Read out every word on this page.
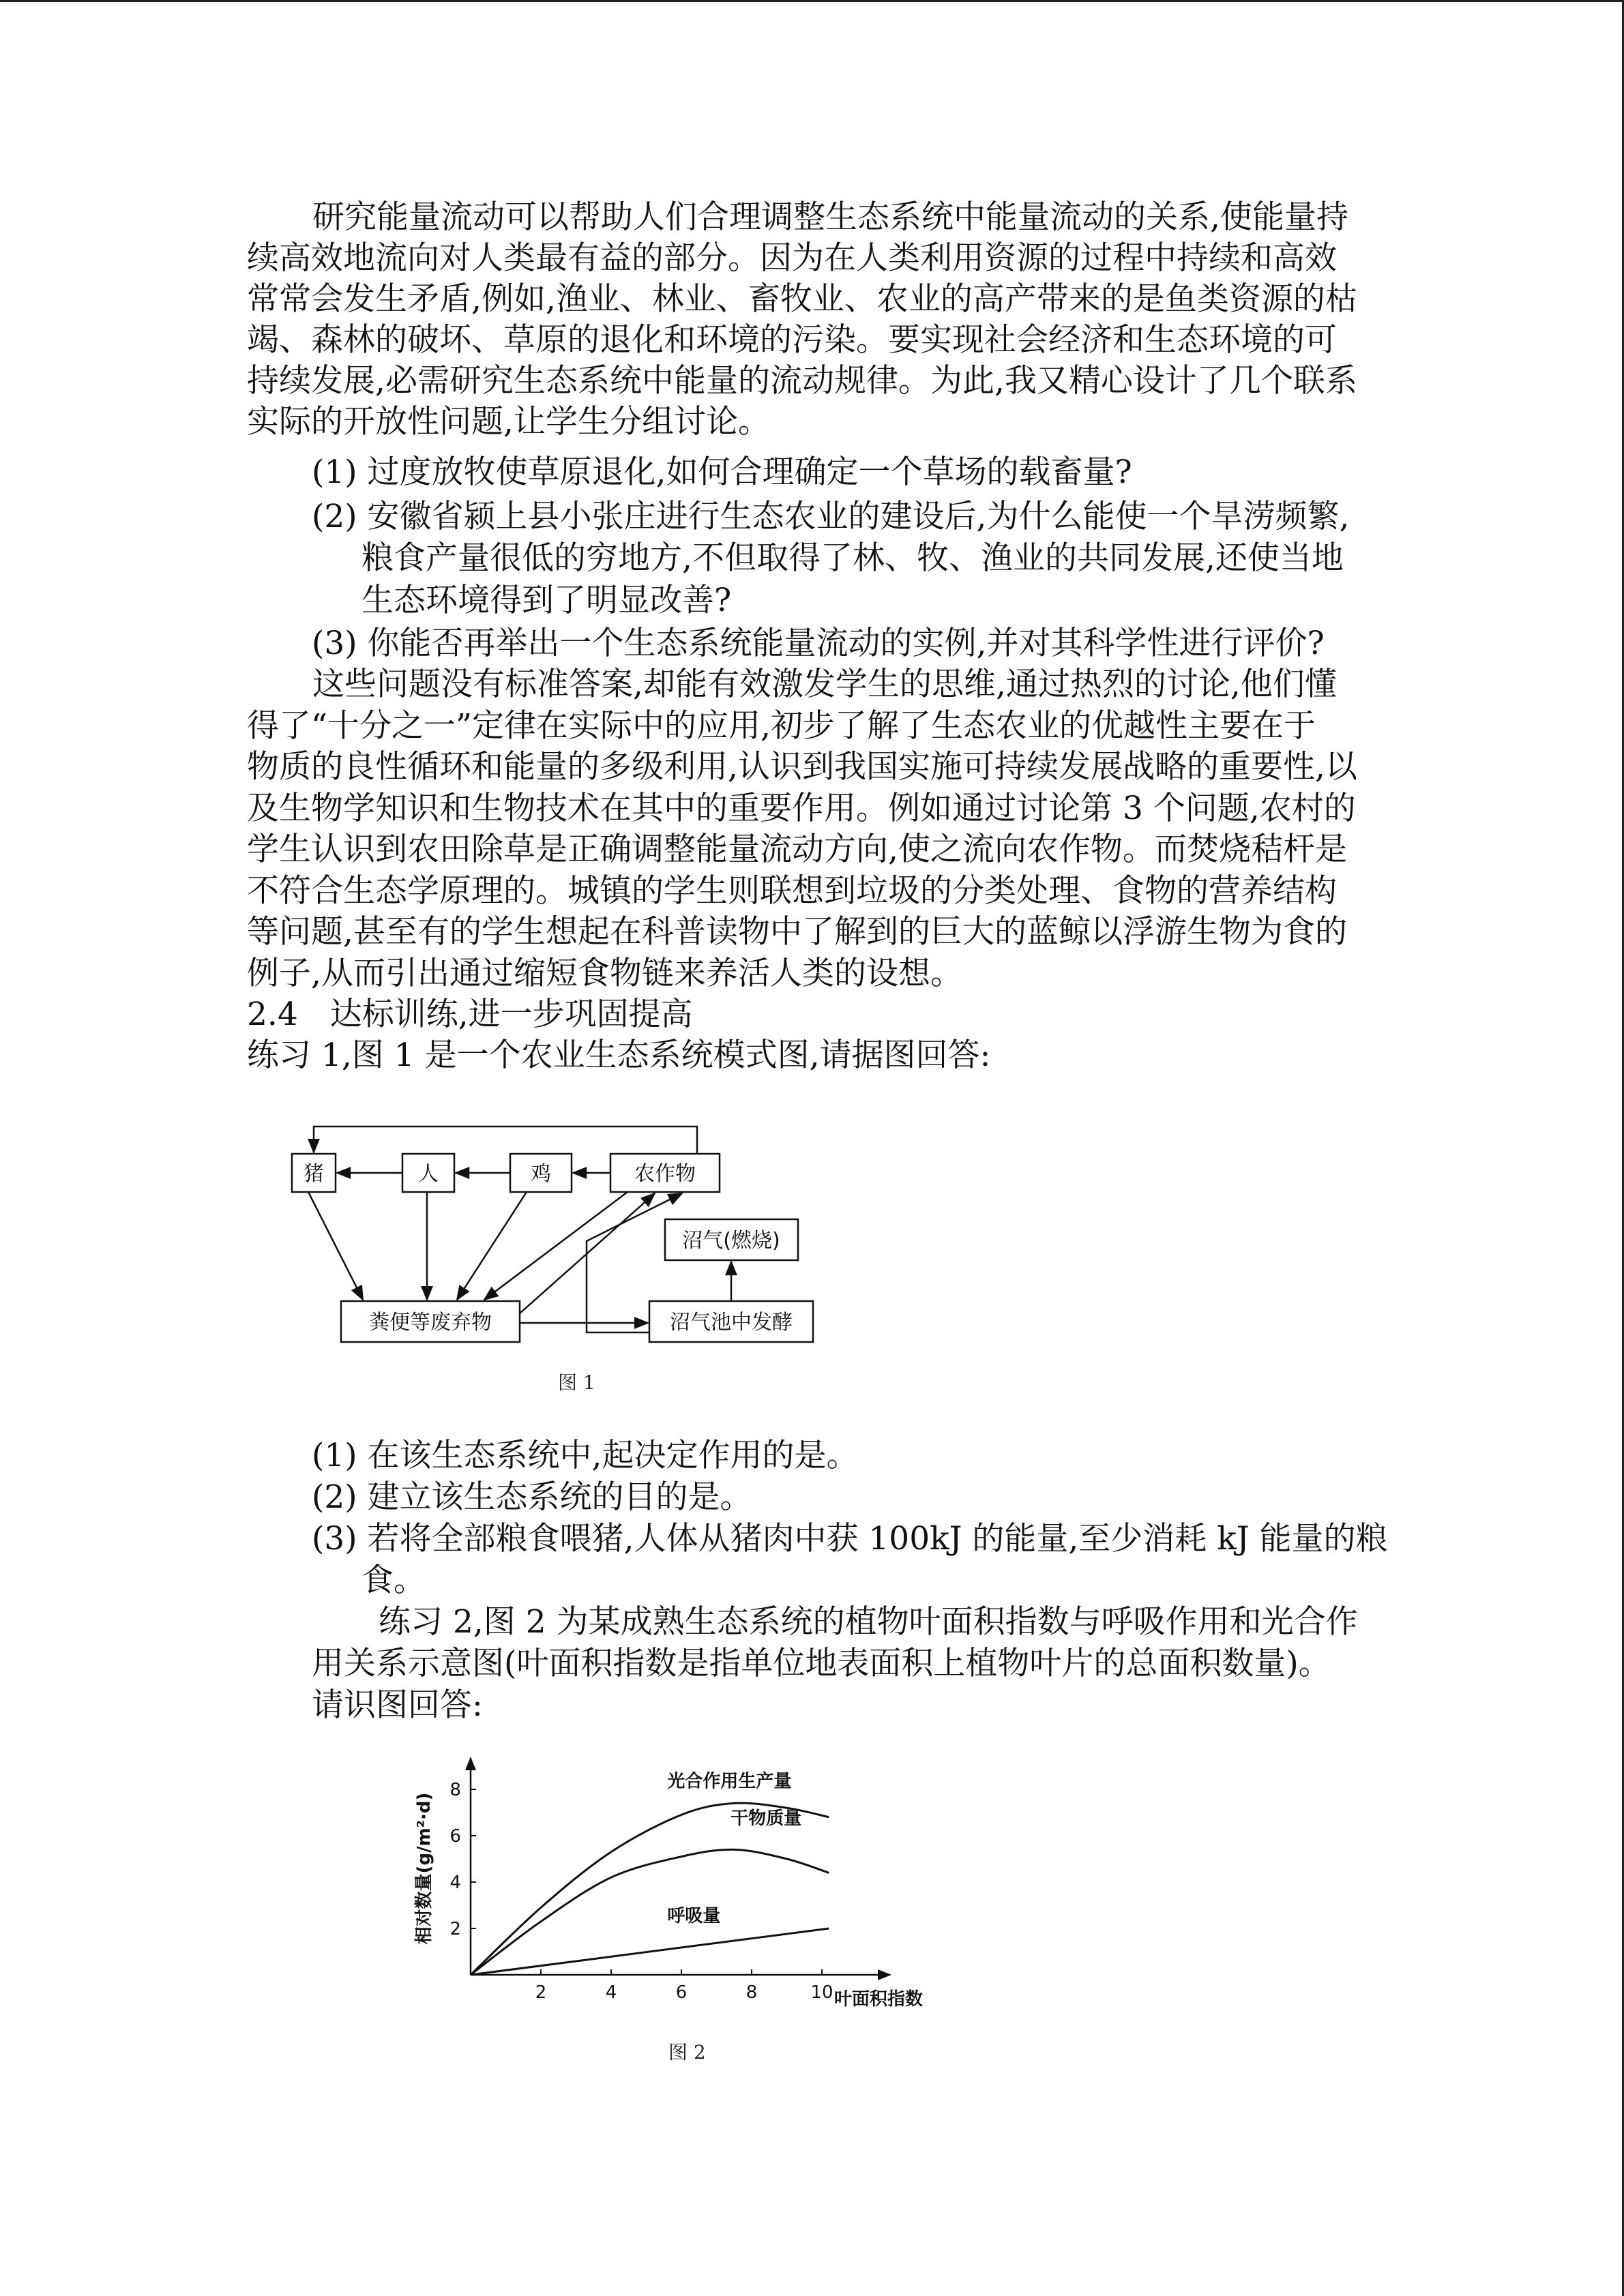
研究能量流动可以帮助人们合理调整生态系统中能量流动的关系,使能量持
续高效地流向对人类最有益的部分。因为在人类利用资源的过程中持续和高效
常常会发生矛盾,例如,渔业、林业、畜牧业、农业的高产带来的是鱼类资源的枯
竭、森林的破坏、草原的退化和环境的污染。要实现社会经济和生态环境的可
持续发展,必需研究生态系统中能量的流动规律。为此,我又精心设计了几个联系
实际的开放性问题,让学生分组讨论。
(1) 过度放牧使草原退化,如何合理确定一个草场的载畜量?
(2) 安徽省颍上县小张庄进行生态农业的建设后,为什么能使一个旱涝频繁,
粮食产量很低的穷地方,不但取得了林、牧、渔业的共同发展,还使当地
生态环境得到了明显改善?
(3) 你能否再举出一个生态系统能量流动的实例,并对其科学性进行评价?
这些问题没有标准答案,却能有效激发学生的思维,通过热烈的讨论,他们懂
得了“十分之一”定律在实际中的应用,初步了解了生态农业的优越性主要在于
物质的良性循环和能量的多级利用,认识到我国实施可持续发展战略的重要性,以
及生物学知识和生物技术在其中的重要作用。例如通过讨论第 3 个问题,农村的
学生认识到农田除草是正确调整能量流动方向,使之流向农作物。而焚烧秸杆是
不符合生态学原理的。城镇的学生则联想到垃圾的分类处理、食物的营养结构
等问题,甚至有的学生想起在科普读物中了解到的巨大的蓝鲸以浮游生物为食的
例子,从而引出通过缩短食物链来养活人类的设想。
2.4　达标训练,进一步巩固提高
练习 1,图 1 是一个农业生态系统模式图,请据图回答:
猪	人	鸡	农作物
沼气(燃烧)
粪便等废弃物	沼气池中发酵
图 1
(1) 在该生态系统中,起决定作用的是。
(2) 建立该生态系统的目的是。
(3) 若将全部粮食喂猪,人体从猪肉中获 100kJ 的能量,至少消耗 kJ 能量的粮
食。
练习 2,图 2 为某成熟生态系统的植物叶面积指数与呼吸作用和光合作
用关系示意图(叶面积指数是指单位地表面积上植物叶片的总面积数量)。
请识图回答:
相对数量(g/m²·d)
叶面积指数
2	4	6	8	10
2
4
6
8	光合作用生产量
干物质量
呼吸量
图 2
